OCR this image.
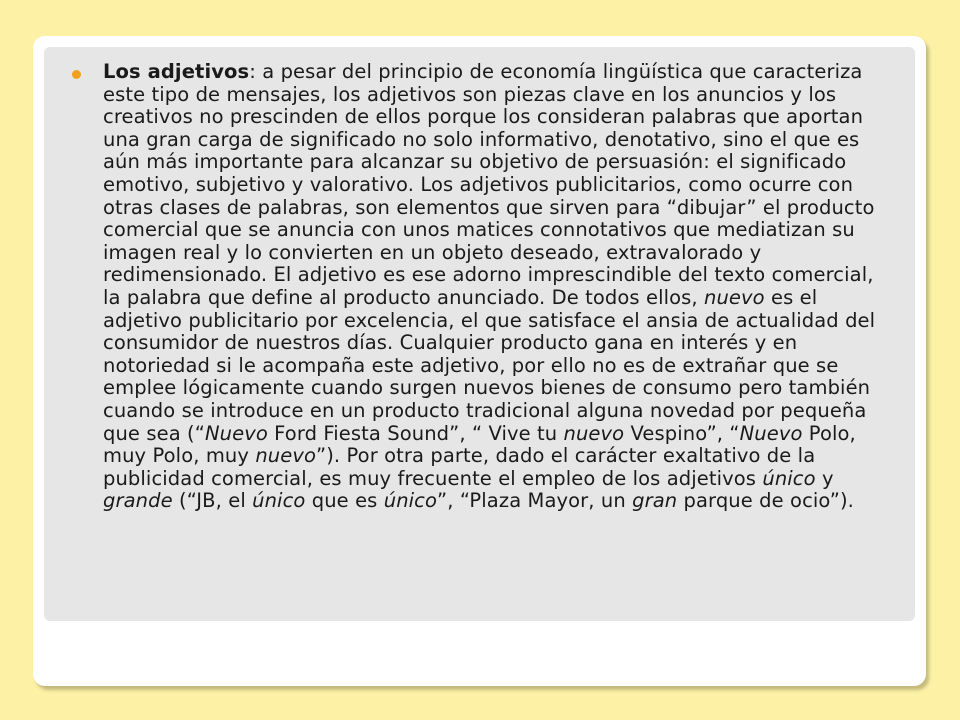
Los adjetivos: a pesar del principio de economía lingüística que caracteriza este tipo de mensajes, los adjetivos son piezas clave en los anuncios y los creativos no prescinden de ellos porque los consideran palabras que aportan una gran carga de significado no solo informativo, denotativo, sino el que es aún más importante para alcanzar su objetivo de persuasión: el significado emotivo, subjetivo y valorativo. Los adjetivos publicitarios, como ocurre con otras clases de palabras, son elementos que sirven para “dibujar” el producto comercial que se anuncia con unos matices connotativos que mediatizan su imagen real y lo convierten en un objeto deseado, extravalorado y redimensionado. El adjetivo es ese adorno imprescindible del texto comercial, la palabra que define al producto anunciado. De todos ellos, nuevo es el adjetivo publicitario por excelencia, el que satisface el ansia de actualidad del consumidor de nuestros días. Cualquier producto gana en interés y en notoriedad si le acompaña este adjetivo, por ello no es de extrañar que se emplee lógicamente cuando surgen nuevos bienes de consumo pero también cuando se introduce en un producto tradicional alguna novedad por pequeña que sea (“Nuevo Ford Fiesta Sound”, “ Vive tu nuevo Vespino”, “Nuevo Polo, muy Polo, muy nuevo”). Por otra parte, dado el carácter exaltativo de la publicidad comercial, es muy frecuente el empleo de los adjetivos único y grande (“JB, el único que es único”, “Plaza Mayor, un gran parque de ocio”).
